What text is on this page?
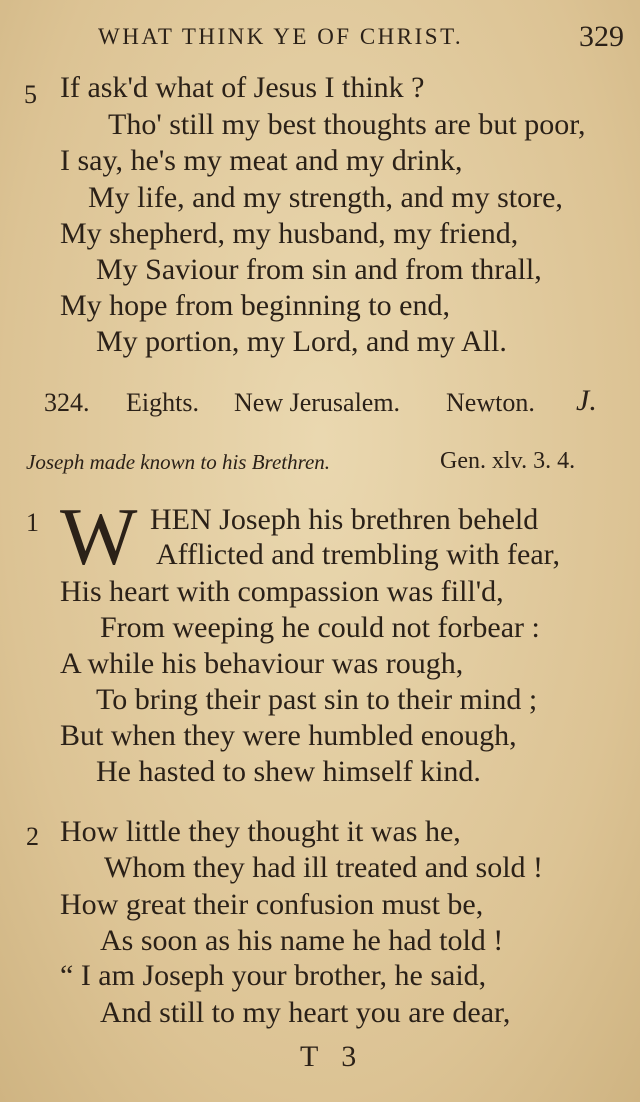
WHAT THINK YE OF CHRIST.	329
5 If ask'd what of Jesus I think ?
Tho' still my best thoughts are but poor,
I say, he's my meat and my drink,
My life, and my strength, and my store,
My shepherd, my husband, my friend,
My Saviour from sin and from thrall,
My hope from beginning to end,
My portion, my Lord, and my All.
324. Eights. New Jerusalem. Newton. J.
Joseph made known to his Brethren.	Gen. xlv. 3. 4.
1 W HEN Joseph his brethren beheld
Afflicted and trembling with fear,
His heart with compassion was fill'd,
From weeping he could not forbear :
A while his behaviour was rough,
To bring their past sin to their mind ;
But when they were humbled enough,
He hasted to shew himself kind.
2 How little they thought it was he,
Whom they had ill treated and sold !
How great their confusion must be,
As soon as his name he had told !
“ I am Joseph your brother, he said,
And still to my heart you are dear,
T 3
